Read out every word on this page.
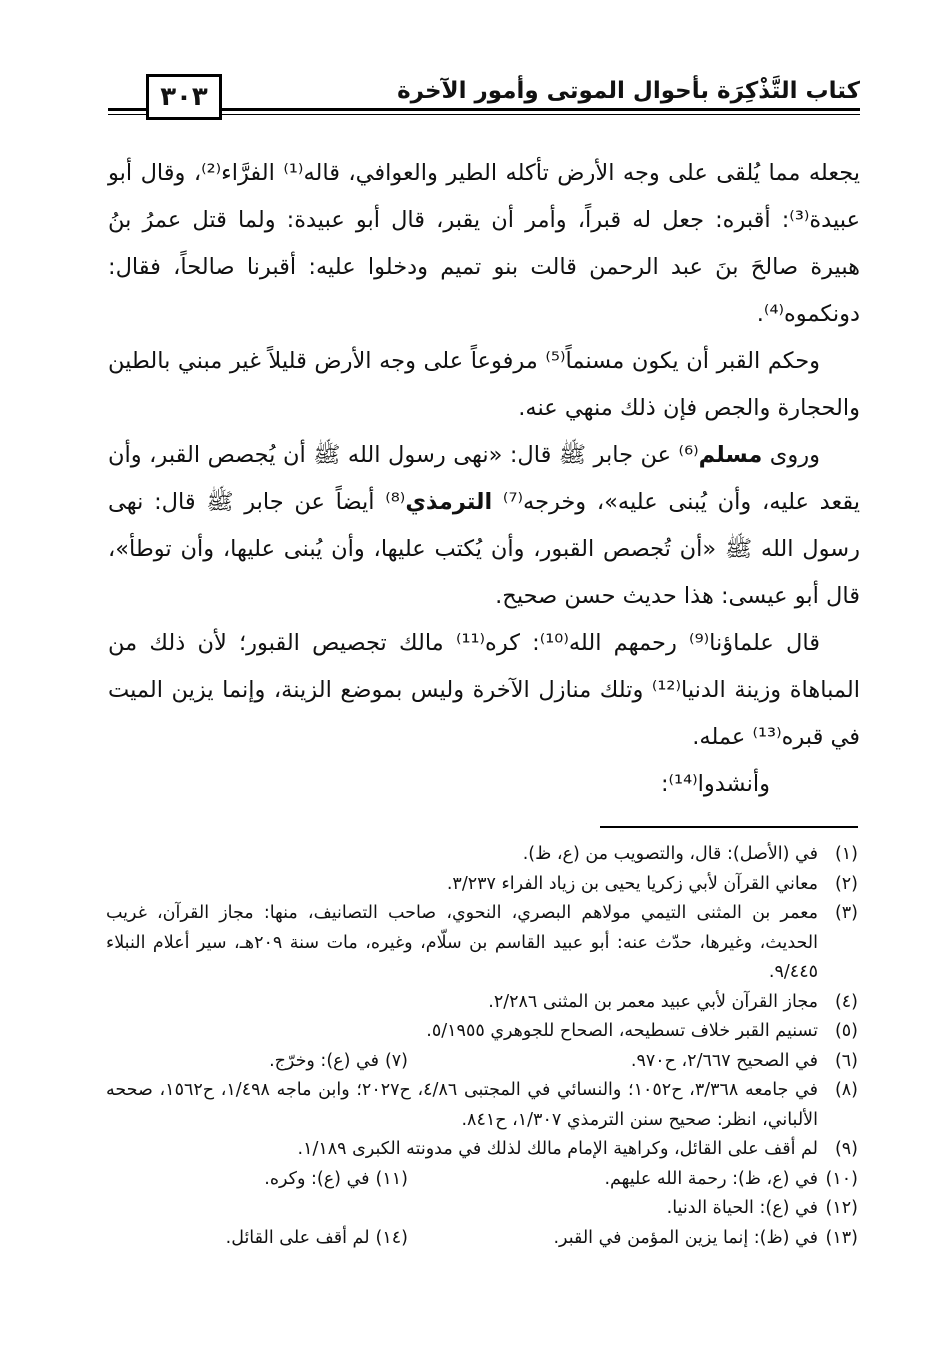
كتاب التَّذْكِرَة بأحوال الموتى وأمور الآخرة
٣٠٣

يجعله مما يُلقى على وجه الأرض تأكله الطير والعوافي، قاله⁽¹⁾ الفرَّاء⁽²⁾، وقال أبو عبيدة⁽³⁾: أقبره: جعل له قبراً، وأمر أن يقبر، قال أبو عبيدة: ولما قتل عمرُ بنُ هبيرة صالحَ بنَ عبد الرحمن قالت بنو تميم ودخلوا عليه: أقبرنا صالحاً، فقال: دونكموه⁽⁴⁾.

وحكم القبر أن يكون مسنماً⁽⁵⁾ مرفوعاً على وجه الأرض قليلاً غير مبني بالطين والحجارة والجص فإن ذلك منهي عنه.

وروى مسلم⁽⁶⁾ عن جابر ﷺ قال: «نهى رسول الله ﷺ أن يُجصص القبر، وأن يقعد عليه، وأن يُبنى عليه»، وخرجه⁽⁷⁾ الترمذي⁽⁸⁾ أيضاً عن جابر ﷺ قال: نهى رسول الله ﷺ «أن تُجصص القبور، وأن يُكتب عليها، وأن يُبنى عليها، وأن توطأ»، قال أبو عيسى: هذا حديث حسن صحيح.

قال علماؤنا⁽⁹⁾ رحمهم الله⁽¹⁰⁾: كره⁽¹¹⁾ مالك تجصيص القبور؛ لأن ذلك من المباهاة وزينة الدنيا⁽¹²⁾ وتلك منازل الآخرة وليس بموضع الزينة، وإنما يزين الميت في قبره⁽¹³⁾ عمله.

وأنشدوا⁽¹⁴⁾:

(١)
في (الأصل): قال، والتصويب من (ع، ظ).
(٢)
معاني القرآن لأبي زكريا يحيى بن زياد الفراء ٣/٢٣٧.
(٣)
معمر بن المثنى التيمي مولاهم البصري، النحوي، صاحب التصانيف، منها: مجاز القرآن، غريب الحديث، وغيرها، حدّث عنه: أبو عبيد القاسم بن سلّام، وغيره، مات سنة ٢٠٩هـ، سير أعلام النبلاء ٩/٤٤٥.
(٤)
مجاز القرآن لأبي عبيد معمر بن المثنى ٢/٢٨٦.
(٥)
تسنيم القبر خلاف تسطيحه، الصحاح للجوهري ٥/١٩٥٥.
(٦)
في الصحيح ٢/٦٦٧، ح٩٧٠.
(٧)
في (ع): وخرّج.
(٨)
في جامعه ٣/٣٦٨، ح١٠٥٢؛ والنسائي في المجتبى ٤/٨٦، ح٢٠٢٧؛ وابن ماجه ١/٤٩٨، ح١٥٦٢، صححه الألباني، انظر: صحيح سنن الترمذي ١/٣٠٧، ح٨٤١.
(٩)
لم أقف على القائل، وكراهية الإمام مالك لذلك في مدونته الكبرى ١/١٨٩.
(١٠)
في (ع، ظ): رحمة الله عليهم.
(١١)
في (ع): وكره.
(١٢)
في (ع): الحياة الدنيا.
(١٣)
في (ظ): إنما يزين المؤمن في القبر.
(١٤)
لم أقف على القائل.
